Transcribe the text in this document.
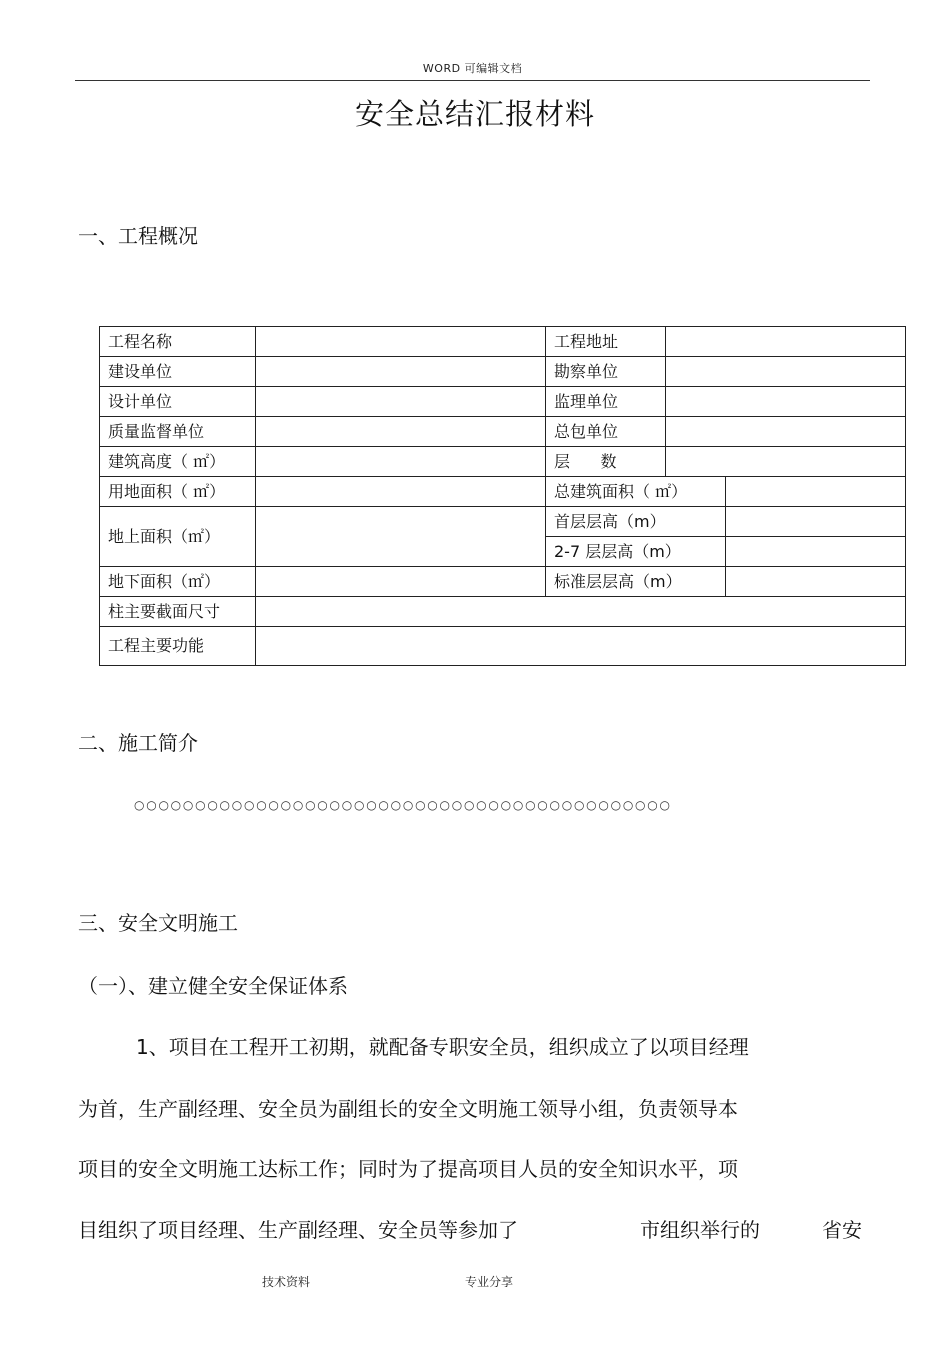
WORD 可编辑文档
安全总结汇报材料
一、工程概况
工程名称		工程地址		
建设单位		勘察单位		
设计单位		监理单位		
质量监督单位		总包单位		
建筑高度（ ㎡）		层      数		
用地面积（ ㎡）		总建筑面积（ ㎡）		
地上面积（㎡）		首层层高（m）		
		2-7 层层高（m）		
地下面积（㎡）		标准层层高（m）		
柱主要截面尺寸				
工程主要功能				
二、施工简介
○○○○○○○○○○○○○○○○○○○○○○○○○○○○○○○○○○○○○○○○○○○○
三、安全文明施工
（一）、建立健全安全保证体系

1、项目在工程开工初期，就配备专职安全员，组织成立了以项目经理

为首，生产副经理、安全员为副组长的安全文明施工领导小组，负责领导本

项目的安全文明施工达标工作；同时为了提高项目人员的安全知识水平，项

目组织了项目经理、生产副经理、安全员等参加了	市组织举行的	省安

技术资料	专业分享
